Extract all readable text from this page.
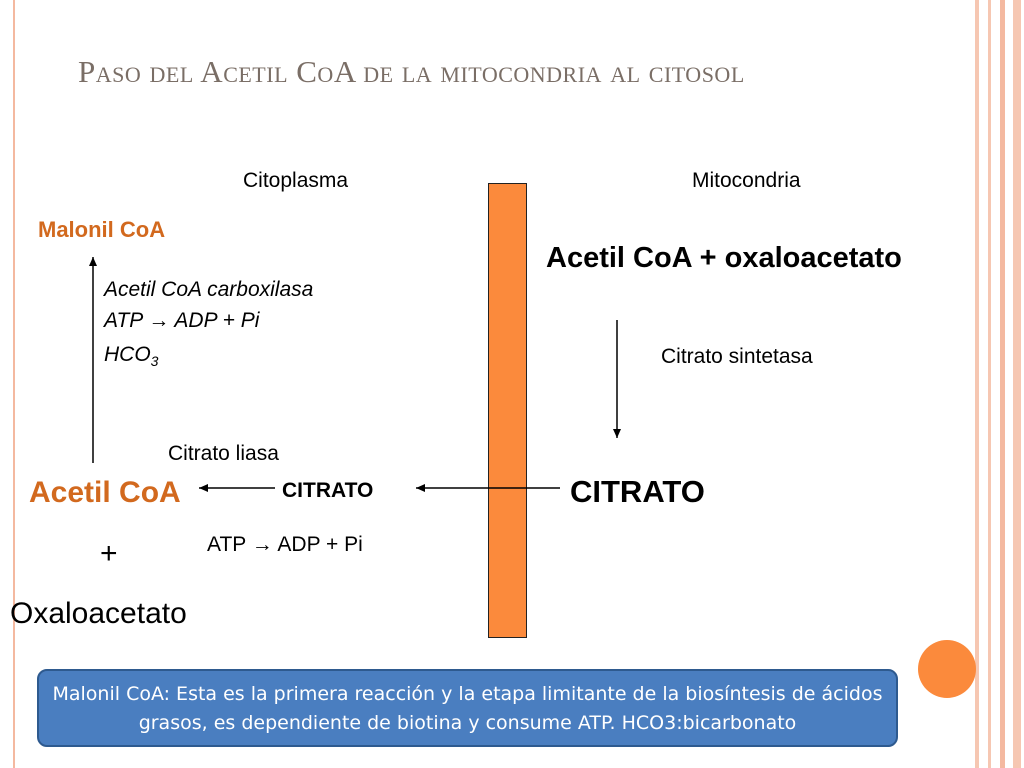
Paso del Acetil CoA de la mitocondria al citosol
Citoplasma	Mitocondria
Acetil CoA + oxaloacetato
Citrato sintetasa
CITRATO
Malonil CoA
Acetil CoA carboxilasa
ATP → ADP + Pi
$HCO_3$
Citrato liasa
CITRATO
ATP → ADP + Pi
Acetil CoA
+
Oxaloacetato
Malonil CoA: Esta es la primera reacción y la etapa limitante de la biosíntesis de ácidos grasos, es dependiente de biotina y consume ATP. HCO3:bicarbonato
